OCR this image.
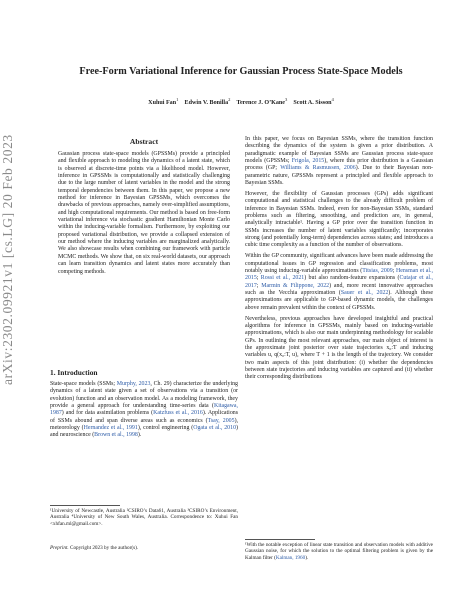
arXiv:2302.09921v1 [cs.LG] 20 Feb 2023
Free-Form Variational Inference for Gaussian Process State-Space Models
Xuhui Fan$^1$    Edwin V. Bonilla$^2$    Terence J. O’Kane$^3$    Scott A. Sisson$^4$
Abstract
Gaussian process state-space models (GPSSMs) provide a principled and flexible approach to modeling the dynamics of a latent state, which is observed at discrete-time points via a likelihood model. However, inference in GPSSMs is computationally and statistically challenging due to the large number of latent variables in the model and the strong temporal dependencies between them. In this paper, we propose a new method for inference in Bayesian GPSSMs, which overcomes the drawbacks of previous approaches, namely over-simplified assumptions, and high computational requirements. Our method is based on free-form variational inference via stochastic gradient Hamiltonian Monte Carlo within the inducing-variable formalism. Furthermore, by exploiting our proposed variational distribution, we provide a collapsed extension of our method where the inducing variables are marginalized analytically. We also showcase results when combining our framework with particle MCMC methods. We show that, on six real-world datasets, our approach can learn transition dynamics and latent states more accurately than competing methods.
1. Introduction
State-space models (SSMs; Murphy, 2023, Ch. 29) characterize the underlying dynamics of a latent state given a set of observations via a transition (or evolution) function and an observation model. As a modeling framework, they provide a general approach for understanding time-series data (Kitagawa, 1987) and for data assimilation problems (Katzfuss et al., 2016). Applications of SSMs abound and span diverse areas such as economics (Tsay, 2005), meteorology (Hernandez et al., 1991), control engineering (Ogata et al., 2010) and neuroscience (Brown et al., 1998).
¹University of Newcastle, Australia ²CSIRO’s Data61, Australia ³CSIRO’s Environment, Australia ⁴University of New South Wales, Australia. Correspondence to: Xuhui Fan <xhfan.ml@gmail.com>.
Preprint. Copyright 2023 by the author(s).

In this paper, we focus on Bayesian SSMs, where the transition function describing the dynamics of the system is given a prior distribution. A paradigmatic example of Bayesian SSMs are Gaussian process state-space models (GPSSMs; Frigola, 2015), where this prior distribution is a Gaussian process (GP; Williams & Rasmussen, 2006). Due to their Bayesian non-parametric nature, GPSSMs represent a principled and flexible approach to Bayesian SSMs.

However, the flexibility of Gaussian processes (GPs) adds significant computational and statistical challenges to the already difficult problem of inference in Bayesian SSMs. Indeed, even for non-Bayesian SSMs, standard problems such as filtering, smoothing, and prediction are, in general, analytically intractable¹. Having a GP prior over the transition function in SSMs increases the number of latent variables significantly; incorporates strong (and potentially long-term) dependencies across states; and introduces a cubic time complexity as a function of the number of observations.

Within the GP community, significant advances have been made addressing the computational issues in GP regression and classification problems, most notably using inducing-variable approximations (Titsias, 2009; Hensman et al., 2015; Rossi et al., 2021) but also random-feature expansions (Cutajar et al., 2017; Marmin & Filippone, 2022) and, more recent innovative approaches such as the Vecchia approximation (Sauer et al., 2022). Although these approximations are applicable to GP-based dynamic models, the challenges above remain prevalent within the context of GPSSMs.

Nevertheless, previous approaches have developed insightful and practical algorithms for inference in GPSSMs, mainly based on inducing-variable approximations, which is also our main underpinning methodology for scalable GPs. In outlining the most relevant approaches, our main object of interest is the approximate joint posterior over state trajectories x₀:T and inducing variables u, q(x₀:T, u), where T + 1 is the length of the trajectory. We consider two main aspects of this joint distribution: (i) whether the dependencies between state trajectories and inducing variables are captured and (ii) whether their corresponding distributions

¹With the notable exception of linear state transition and observation models with additive Gaussian noise, for which the solution to the optimal filtering problem is given by the Kalman filter (Kalman, 1960).
